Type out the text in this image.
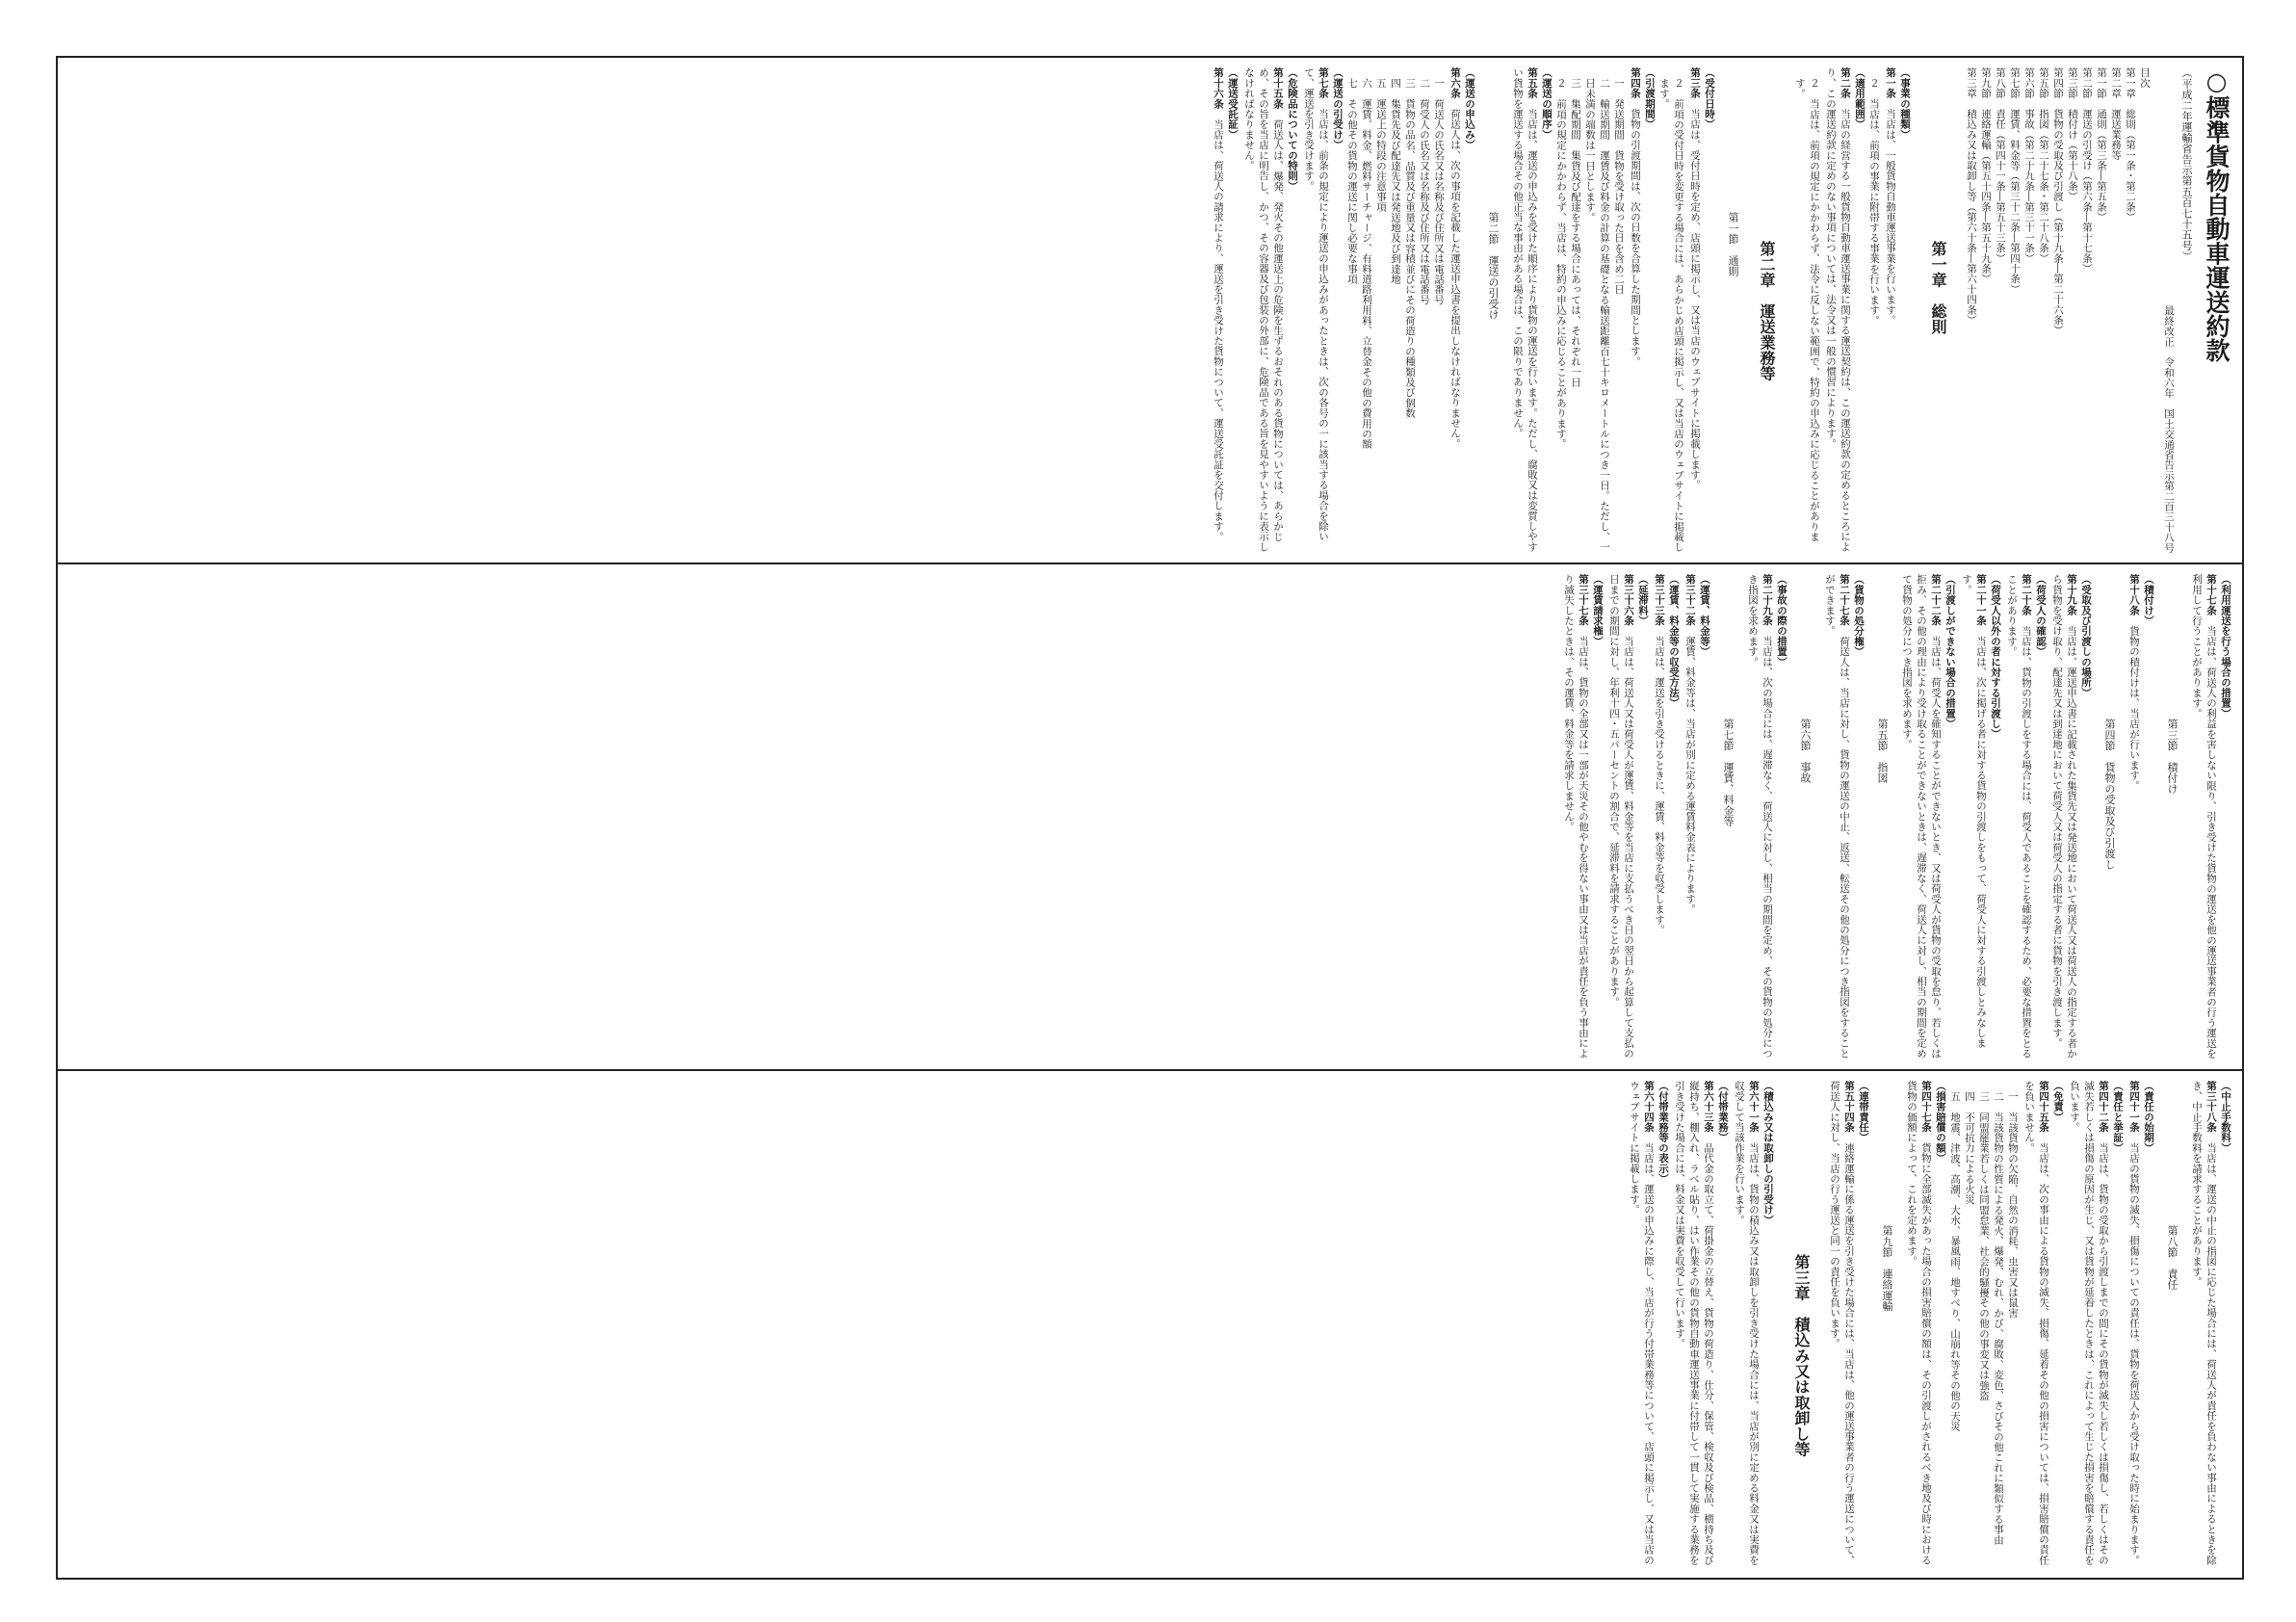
○標準貨物自動車運送約款
（平成二年運輸省告示第五百七十五号）
最終改正　令和六年　国土交通省告示第二百三十八号
目次
第一章　総則（第一条・第二条）
第二章　運送業務等
第一節　通則（第三条―第五条）
第二節　運送の引受け（第六条―第十七条）
第三節　積付け（第十八条）
第四節　貨物の受取及び引渡し（第十九条―第二十六条）
第五節　指図（第二十七条・第二十八条）
第六節　事故（第二十九条―第三十一条）
第七節　運賃、料金等（第三十二条―第四十条）
第八節　責任（第四十一条―第五十三条）
第九節　連絡運輸（第五十四条―第五十九条）
第三章　積込み又は取卸し等（第六十条―第六十四条）
第一章　総則
（事業の種類）
第一条　当店は、一般貨物自動車運送事業を行います。
２　当店は、前項の事業に附帯する事業を行います。
（適用範囲）
第二条　当店の経営する一般貨物自動車運送事業に関する運送契約は、この運送約款の定めるところにより、この運送約款に定めのない事項については、法令又は一般の慣習によります。
２　当店は、前項の規定にかかわらず、法令に反しない範囲で、特約の申込みに応じることがあります。
第二章　運送業務等
第一節　通則
（受付日時）
第三条　当店は、受付日時を定め、店頭に掲示し、又は当店のウェブサイトに掲載します。
２　前項の受付日時を変更する場合には、あらかじめ店頭に掲示し、又は当店のウェブサイトに掲載します。
（引渡期間）
第四条　貨物の引渡期間は、次の日数を合算した期間とします。
一　発送期間　貨物を受け取った日を含め二日
二　輸送期間　運賃及び料金の計算の基礎となる輸送距離百七十キロメートルにつき一日。ただし、一日未満の端数は一日とします。
三　集配期間　集貨及び配達をする場合にあっては、それぞれ一日
２　前項の規定にかかわらず、当店は、特約の申込みに応じることがあります。
（運送の順序）
第五条　当店は、運送の申込みを受けた順序により貨物の運送を行います。ただし、腐敗又は変質しやすい貨物を運送する場合その他正当な事由がある場合は、この限りでありません。
第二節　運送の引受け
（運送の申込み）
第六条　荷送人は、次の事項を記載した運送申込書を提出しなければなりません。
一　荷送人の氏名又は名称及び住所又は電話番号
二　荷受人の氏名又は名称及び住所又は電話番号
三　貨物の品名、品質及び重量又は容積並びにその荷造りの種類及び個数
四　集貨先及び配達先又は発送地及び到達地
五　運送上の特段の注意事項
六　運賃、料金、燃料サーチャージ、有料道路利用料、立替金その他の費用の額
七　その他その貨物の運送に関し必要な事項
（運送の引受け）
第七条　当店は、前条の規定により運送の申込みがあったときは、次の各号の一に該当する場合を除いて、運送を引き受けます。
（危険品についての特則）
第十五条　荷送人は、爆発、発火その他運送上の危険を生ずるおそれのある貨物については、あらかじめ、その旨を当店に明告し、かつ、その容器及び包装の外部に、危険品である旨を見やすいように表示しなければなりません。
（運送受託証）
第十六条　当店は、荷送人の請求により、運送を引き受けた貨物について、運送受託証を交付します。
（利用運送を行う場合の措置）
第十七条　当店は、荷送人の利益を害しない限り、引き受けた貨物の運送を他の運送事業者の行う運送を利用して行うことがあります。
第三節　積付け
（積付け）
第十八条　貨物の積付けは、当店が行います。
第四節　貨物の受取及び引渡し
（受取及び引渡しの場所）
第十九条　当店は、運送申込書に記載された集貨先又は発送地において荷送人又は荷送人の指定する者から貨物を受け取り、配達先又は到達地において荷受人又は荷受人の指定する者に貨物を引き渡します。
（荷受人の確認）
第二十条　当店は、貨物の引渡しをする場合には、荷受人であることを確認するため、必要な措置をとることがあります。
（荷受人以外の者に対する引渡し）
第二十一条　当店は、次に掲げる者に対する貨物の引渡しをもって、荷受人に対する引渡しとみなします。
（引渡しができない場合の措置）
第二十二条　当店は、荷受人を確知することができないとき、又は荷受人が貨物の受取を怠り、若しくは拒み、その他の理由により受け取ることができないときは、遅滞なく、荷送人に対し、相当の期間を定めて貨物の処分につき指図を求めます。
第五節　指図
（貨物の処分権）
第二十七条　荷送人は、当店に対し、貨物の運送の中止、返送、転送その他の処分につき指図をすることができます。
第六節　事故
（事故の際の措置）
第二十九条　当店は、次の場合には、遅滞なく、荷送人に対し、相当の期間を定め、その貨物の処分につき指図を求めます。
第七節　運賃、料金等
（運賃、料金等）
第三十二条　運賃、料金等は、当店が別に定める運賃料金表によります。
（運賃、料金等の収受方法）
第三十三条　当店は、運送を引き受けるときに、運賃、料金等を収受します。
（延滞料）
第三十六条　当店は、荷送人又は荷受人が運賃、料金等を当店に支払うべき日の翌日から起算して支払の日までの期間に対し、年利十四・五パーセントの割合で、延滞料を請求することがあります。
（運賃請求権）
第三十七条　当店は、貨物の全部又は一部が天災その他やむを得ない事由又は当店が責任を負う事由により滅失したときは、その運賃、料金等を請求しません。
（中止手数料）
第三十八条　当店は、運送の中止の指図に応じた場合には、荷送人が責任を負わない事由によるときを除き、中止手数料を請求することがあります。
第八節　責任
（責任の始期）
第四十一条　当店の貨物の滅失、損傷についての責任は、貨物を荷送人から受け取った時に始まります。
（責任と挙証）
第四十二条　当店は、貨物の受取から引渡しまでの間にその貨物が滅失し若しくは損傷し、若しくはその滅失若しくは損傷の原因が生じ、又は貨物が延着したときは、これによって生じた損害を賠償する責任を負います。
（免責）
第四十五条　当店は、次の事由による貨物の滅失、損傷、延着その他の損害については、損害賠償の責任を負いません。
一　当該貨物の欠陥、自然の消耗、虫害又は鼠害
二　当該貨物の性質による発火、爆発、むれ、かび、腐敗、変色、さびその他これに類似する事由
三　同盟罷業若しくは同盟怠業、社会的騒擾その他の事変又は強盗
四　不可抗力による火災
五　地震、津波、高潮、大水、暴風雨、地すべり、山崩れ等その他の天災
（損害賠償の額）
第四十七条　貨物に全部滅失があった場合の損害賠償の額は、その引渡しがされるべき地及び時における貨物の価額によって、これを定めます。
第九節　連絡運輸
（連帯責任）
第五十四条　連絡運輸に係る運送を引き受けた場合には、当店は、他の運送事業者の行う運送について、荷送人に対し、当店の行う運送と同一の責任を負います。
第三章　積込み又は取卸し等
（積込み又は取卸しの引受け）
第六十一条　当店は、貨物の積込み又は取卸しを引き受けた場合には、当店が別に定める料金又は実費を収受して当該作業を行います。
（付帯業務）
第六十三条　品代金の取立て、荷掛金の立替え、貨物の荷造り、仕分、保管、検収及び検品、横持ち及び縦持ち、棚入れ、ラベル貼り、はい作業その他の貨物自動車運送事業に付帯して一貫して実施する業務を引き受けた場合には、料金又は実費を収受して行います。
（付帯業務等の表示）
第六十四条　当店は、運送の申込みに際し、当店が行う付帯業務等について、店頭に掲示し、又は当店のウェブサイトに掲載します。
